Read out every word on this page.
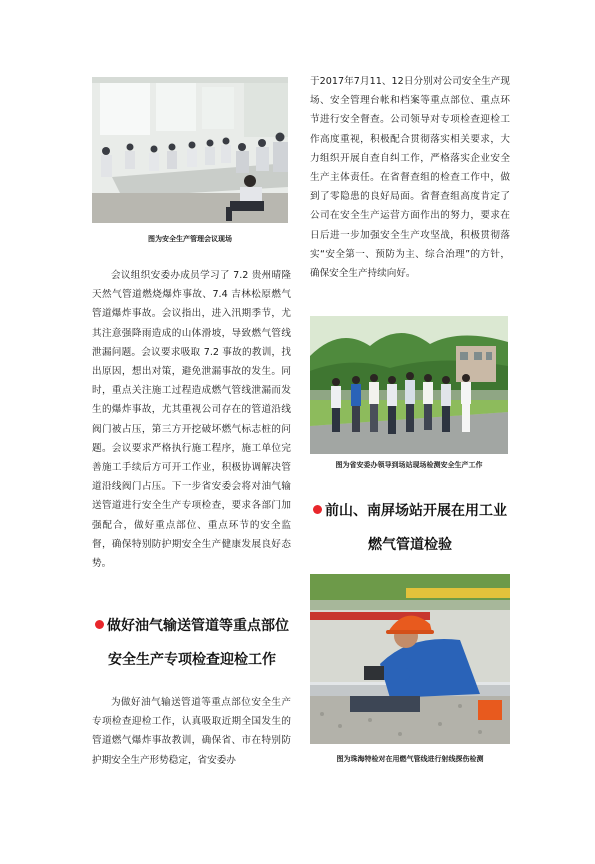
图为安全生产管理会议现场

会议组织安委办成员学习了 7.2 贵州晴隆天然气管道燃烧爆炸事故、7.4 吉林松原燃气管道爆炸事故。会议指出，进入汛期季节，尤其注意强降雨造成的山体滑坡，导致燃气管线泄漏问题。会议要求吸取 7.2 事故的教训，找出原因，想出对策，避免泄漏事故的发生。同时，重点关注施工过程造成燃气管线泄漏而发生的爆炸事故，尤其重视公司存在的管道沿线阀门被占压，第三方开挖破坏燃气标志桩的问题。会议要求严格执行施工程序，施工单位完善施工手续后方可开工作业，积极协调解决管道沿线阀门占压。下一步省安委会将对油气输送管道进行安全生产专项检查，要求各部门加强配合，做好重点部位、重点环节的安全监督，确保特别防护期安全生产健康发展良好态势。

做好油气输送管道等重点部位
安全生产专项检查迎检工作

为做好油气输送管道等重点部位安全生产专项检查迎检工作，认真吸取近期全国发生的管道燃气爆炸事故教训，确保省、市在特别防护期安全生产形势稳定，省安委办

于2017年7月11、12日分别对公司安全生产现场、安全管理台帐和档案等重点部位、重点环节进行安全督查。公司领导对专项检查迎检工作高度重视，积极配合贯彻落实相关要求，大力组织开展自查自纠工作，严格落实企业安全生产主体责任。在省督查组的检查工作中，做到了零隐患的良好局面。省督查组高度肯定了公司在安全生产运营方面作出的努力，要求在日后进一步加强安全生产攻坚战，积极贯彻落实“安全第一、预防为主、综合治理”的方针，确保安全生产持续向好。

图为省安委办领导到场站现场检测安全生产工作
前山、南屏场站开展在用工业
燃气管道检验
图为珠海特检对在用燃气管线进行射线探伤检测
